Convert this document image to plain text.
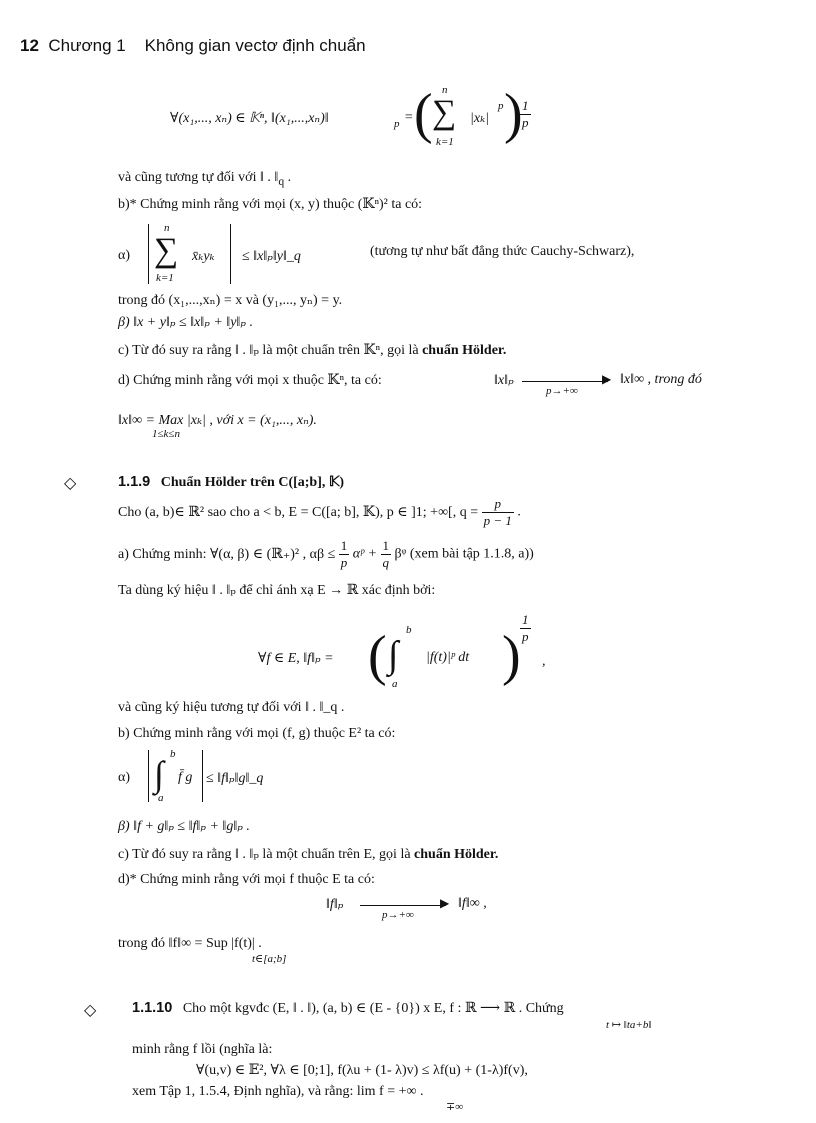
12 Chương 1 Không gian vectơ định chuẩn
∀(x₁,..., xₙ) ∈ 𝕂ⁿ, ‖(x₁,...,xₙ)‖	p = ( n
∑
k=1
|xₖ|
p )
$\frac{1}{p}$
và cũng tương tự đối với ‖ . $‖_q$ .
b)* Chứng minh rằng với mọi (x, y) thuộc (𝕂ⁿ)² ta có:
α)
n
∑
k=1
x̄ₖyₖ ≤ ‖x‖ₚ‖y‖_q	(tương tự như bất đẳng thức Cauchy-Schwarz),
trong đó (x₁,...,xₙ) = x và (y₁,..., yₙ) = y.
β) ‖x + y‖ₚ ≤ ‖x‖ₚ + ‖y‖ₚ .
c) Từ đó suy ra rằng ‖ . ‖ₚ là một chuẩn trên 𝕂ⁿ, gọi là chuẩn Hölder.
d) Chứng minh rằng với mọi x thuộc 𝕂ⁿ, ta có:	‖x‖ₚ	▶
p→+∞
‖x‖∞ , trong đó
‖x‖∞ = Max |xₖ| , với x = (x₁,..., xₙ).
1≤k≤n
◇	1.1.9 Chuẩn Hölder trên C([a;b], 𝕂)
Cho (a, b)∈ ℝ² sao cho a < b, E = C([a; b], 𝕂), p ∈ ]1; +∞[, $q = \frac{p}{p - 1}$ .
a) Chứng minh: ∀(α, β) ∈ (ℝ₊)² , $\alpha\beta \le \frac{1}{p}$ αᵖ + $\frac{1}{q}$ βᵠ (xem bài tập 1.1.8, a))
Ta dùng ký hiệu ‖ . ‖ₚ để chỉ ánh xạ E → ℝ xác định bởi:
∀f ∈ E, ‖f‖ₚ = ( b
∫
a
|f(t)|ᵖ dt ) $\frac{1}{p}$
,
và cũng ký hiệu tương tự đối với ‖ . ‖_q .
b) Chứng minh rằng với mọi (f, g) thuộc E² ta có:
α)
b
∫
a
f̄ g ≤ ‖f‖ₚ‖g‖_q
β) ‖f + g‖ₚ ≤ ‖f‖ₚ + ‖g‖ₚ .
c) Từ đó suy ra rằng ‖ . ‖ₚ là một chuẩn trên E, gọi là chuẩn Hölder.
d)* Chứng minh rằng với mọi f thuộc E ta có:
‖f‖ₚ	▶
p→+∞
‖f‖∞ ,
trong đó ‖f‖∞ = Sup |f(t)| .
t∈[a;b]
◇ 1.1.10 Cho một kgvđc (E, ‖ . ‖), (a, b) ∈ (E - {0}) x E, f : ℝ ⟶ ℝ . Chứng
t ↦ ‖ta+b‖
minh rằng f lồi (nghĩa là:
∀(u,v) ∈ 𝔼², ∀λ ∈ [0;1], f(λu + (1- λ)v) ≤ λf(u) + (1-λ)f(v),
xem Tập 1, 1.5.4, Định nghĩa), và rằng: lim f = +∞ .
∓∞
